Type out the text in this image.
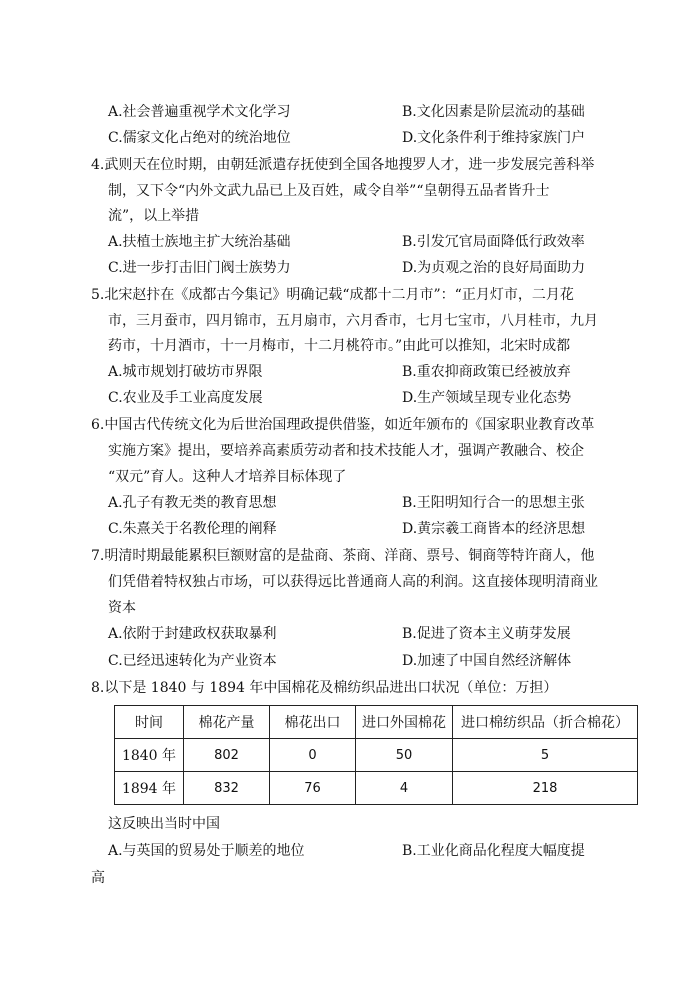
A.社会普遍重视学术文化学习	B.文化因素是阶层流动的基础
C.儒家文化占绝对的统治地位	D.文化条件利于维持家族门户
4.武则天在位时期，由朝廷派遣存抚使到全国各地搜罗人才，进一步发展完善科举
制，又下令“内外文武九品已上及百姓，咸令自举”“皇朝得五品者皆升士
流”，以上举措
A.扶植士族地主扩大统治基础	B.引发冗官局面降低行政效率
C.进一步打击旧门阀士族势力	D.为贞观之治的良好局面助力
5.北宋赵抃在《成都古今集记》明确记载“成都十二月市”：“正月灯市，二月花
市，三月蚕市，四月锦市，五月扇市，六月香市，七月七宝市，八月桂市，九月
药市，十月酒市，十一月梅市，十二月桃符市。”由此可以推知，北宋时成都
A.城市规划打破坊市界限	B.重农抑商政策已经被放弃
C.农业及手工业高度发展	D.生产领域呈现专业化态势
6.中国古代传统文化为后世治国理政提供借鉴，如近年颁布的《国家职业教育改革
实施方案》提出，要培养高素质劳动者和技术技能人才，强调产教融合、校企
“双元”育人。这种人才培养目标体现了
A.孔子有教无类的教育思想	B.王阳明知行合一的思想主张
C.朱熹关于名教伦理的阐释	D.黄宗羲工商皆本的经济思想
7.明清时期最能累积巨额财富的是盐商、茶商、洋商、票号、铜商等特许商人，他
们凭借着特权独占市场，可以获得远比普通商人高的利润。这直接体现明清商业
资本
A.依附于封建政权获取暴利	B.促进了资本主义萌芽发展
C.已经迅速转化为产业资本	D.加速了中国自然经济解体
8.以下是 1840 与 1894 年中国棉花及棉纺织品进出口状况（单位：万担）
时间	棉花产量	棉花出口	进口外国棉花	进口棉纺织品（折合棉花）
1840 年	802	0	50	5
1894 年	832	76	4	218
这反映出当时中国
A.与英国的贸易处于顺差的地位	B.工业化商品化程度大幅度提
高
